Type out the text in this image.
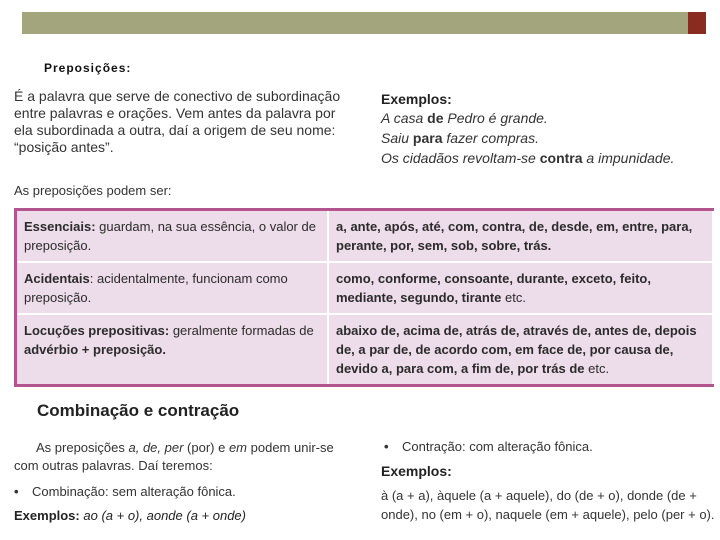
Preposições:
É a palavra que serve de conectivo de subordinação entre palavras e orações. Vem antes da palavra por ela subordinada a outra, daí a origem de seu nome: “posição antes”.
Exemplos:
A casa de Pedro é grande.
Saiu para fazer compras.
Os cidadãos revoltam-se contra a impunidade.
As preposições podem ser:
Essenciais: guardam, na sua essência, o valor de preposição.	a, ante, após, até, com, contra, de, desde, em, entre, para, perante, por, sem, sob, sobre, trás.
Acidentais: acidentalmente, funcionam como preposição.	como, conforme, consoante, durante, exceto, feito, mediante, segundo, tirante etc.
Locuções prepositivas: geralmente formadas de advérbio + preposição.	abaixo de, acima de, atrás de, através de, antes de, depois de, a par de, de acordo com, em face de, por causa de, devido a, para com, a fim de, por trás de etc.
Combinação e contração
As preposições a, de, per (por) e em podem unir-se com outras palavras. Daí teremos:
• Combinação: sem alteração fônica.
Exemplos: ao (a + o), aonde (a + onde)
• Contração: com alteração fônica.
Exemplos:
à (a + a), àquele (a + aquele), do (de + o), donde (de + onde), no (em + o), naquele (em + aquele), pelo (per + o).
